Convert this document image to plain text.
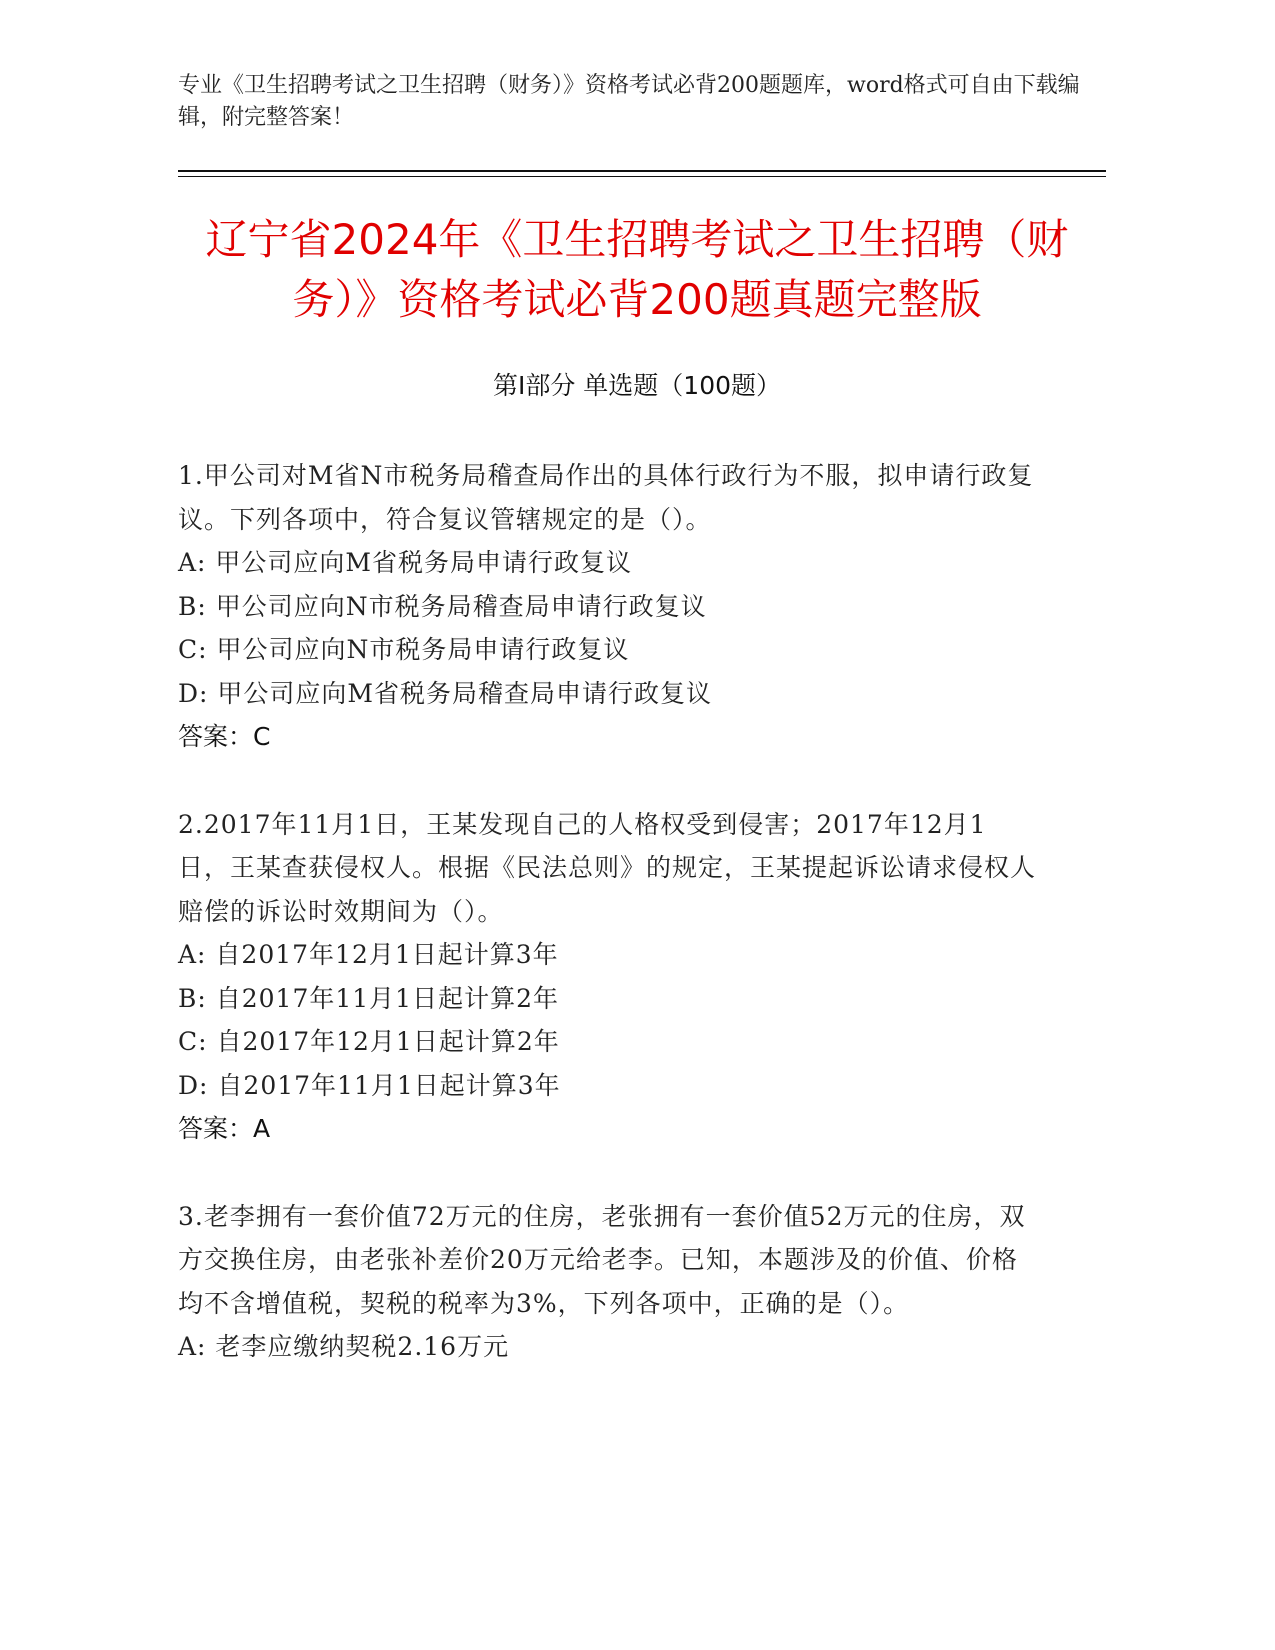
专业《卫生招聘考试之卫生招聘（财务）》资格考试必背200题题库，word格式可自由下载编辑，附完整答案！
辽宁省2024年《卫生招聘考试之卫生招聘（财务）》资格考试必背200题真题完整版
第Ⅰ部分 单选题（100题）
1.甲公司对M省N市税务局稽查局作出的具体行政行为不服，拟申请行政复议。下列各项中，符合复议管辖规定的是（）。
A: 甲公司应向M省税务局申请行政复议
B: 甲公司应向N市税务局稽查局申请行政复议
C: 甲公司应向N市税务局申请行政复议
D: 甲公司应向M省税务局稽查局申请行政复议
答案：C
2.2017年11月1日，王某发现自己的人格权受到侵害；2017年12月1日，王某查获侵权人。根据《民法总则》的规定，王某提起诉讼请求侵权人赔偿的诉讼时效期间为（）。
A: 自2017年12月1日起计算3年
B: 自2017年11月1日起计算2年
C: 自2017年12月1日起计算2年
D: 自2017年11月1日起计算3年
答案：A
3.老李拥有一套价值72万元的住房，老张拥有一套价值52万元的住房，双方交换住房，由老张补差价20万元给老李。已知，本题涉及的价值、价格均不含增值税，契税的税率为3%，下列各项中，正确的是（）。
A: 老李应缴纳契税2.16万元
